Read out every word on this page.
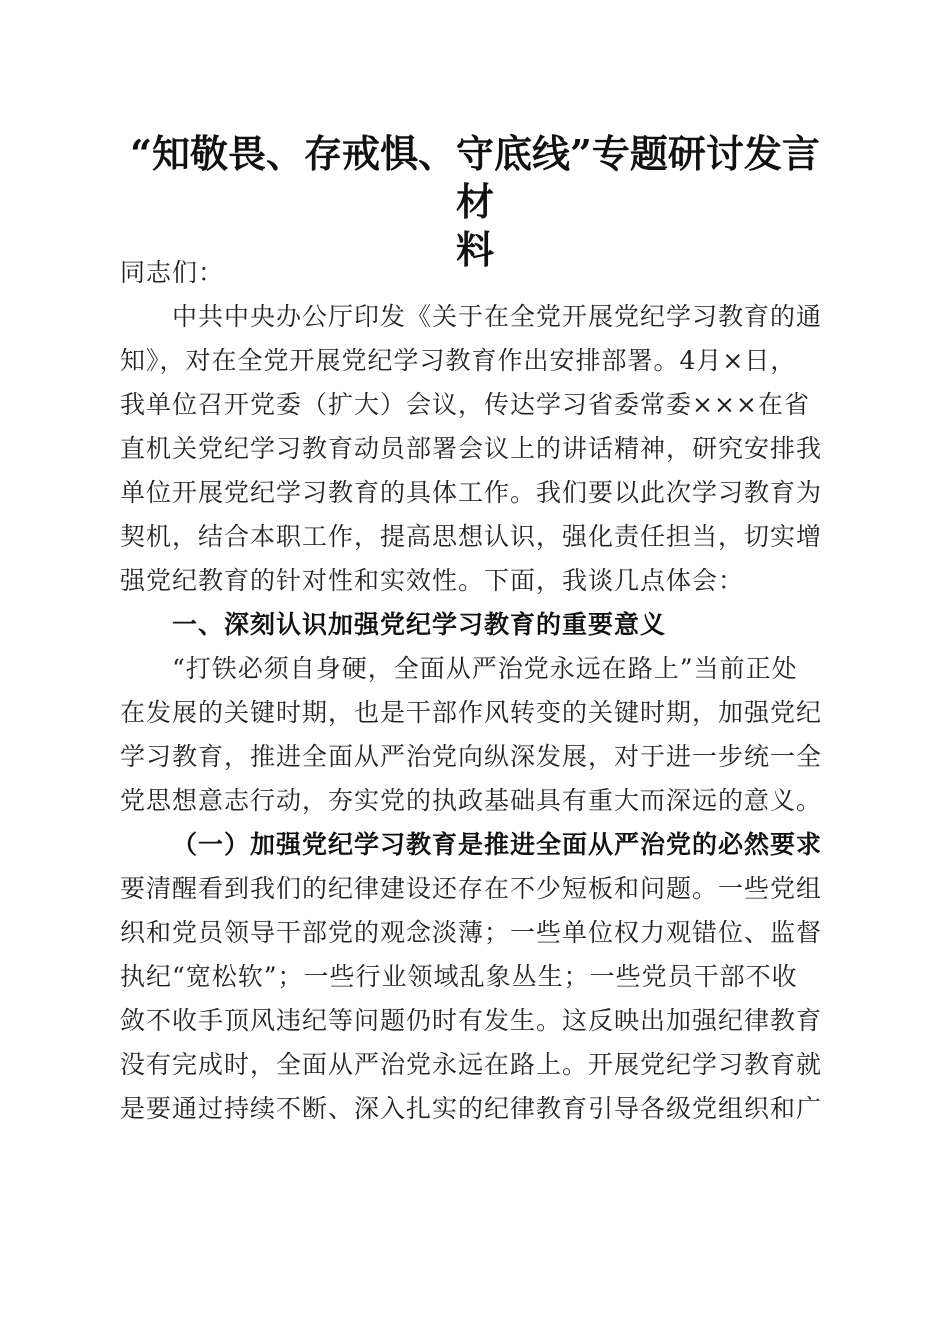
“知敬畏、存戒惧、守底线”专题研讨发言材
料
同志们：
中共中央办公厅印发《关于在全党开展党纪学习教育的通
知》，对在全党开展党纪学习教育作出安排部署。4月×日，
我单位召开党委（扩大）会议，传达学习省委常委×××在省
直机关党纪学习教育动员部署会议上的讲话精神，研究安排我
单位开展党纪学习教育的具体工作。我们要以此次学习教育为
契机，结合本职工作，提高思想认识，强化责任担当，切实增
强党纪教育的针对性和实效性。下面，我谈几点体会：
一、深刻认识加强党纪学习教育的重要意义
“打铁必须自身硬，全面从严治党永远在路上”当前正处
在发展的关键时期，也是干部作风转变的关键时期，加强党纪
学习教育，推进全面从严治党向纵深发展，对于进一步统一全
党思想意志行动，夯实党的执政基础具有重大而深远的意义。
（一）加强党纪学习教育是推进全面从严治党的必然要求
要清醒看到我们的纪律建设还存在不少短板和问题。一些党组
织和党员领导干部党的观念淡薄；一些单位权力观错位、监督
执纪“宽松软”；一些行业领域乱象丛生；一些党员干部不收
敛不收手顶风违纪等问题仍时有发生。这反映出加强纪律教育
没有完成时，全面从严治党永远在路上。开展党纪学习教育就
是要通过持续不断、深入扎实的纪律教育引导各级党组织和广
